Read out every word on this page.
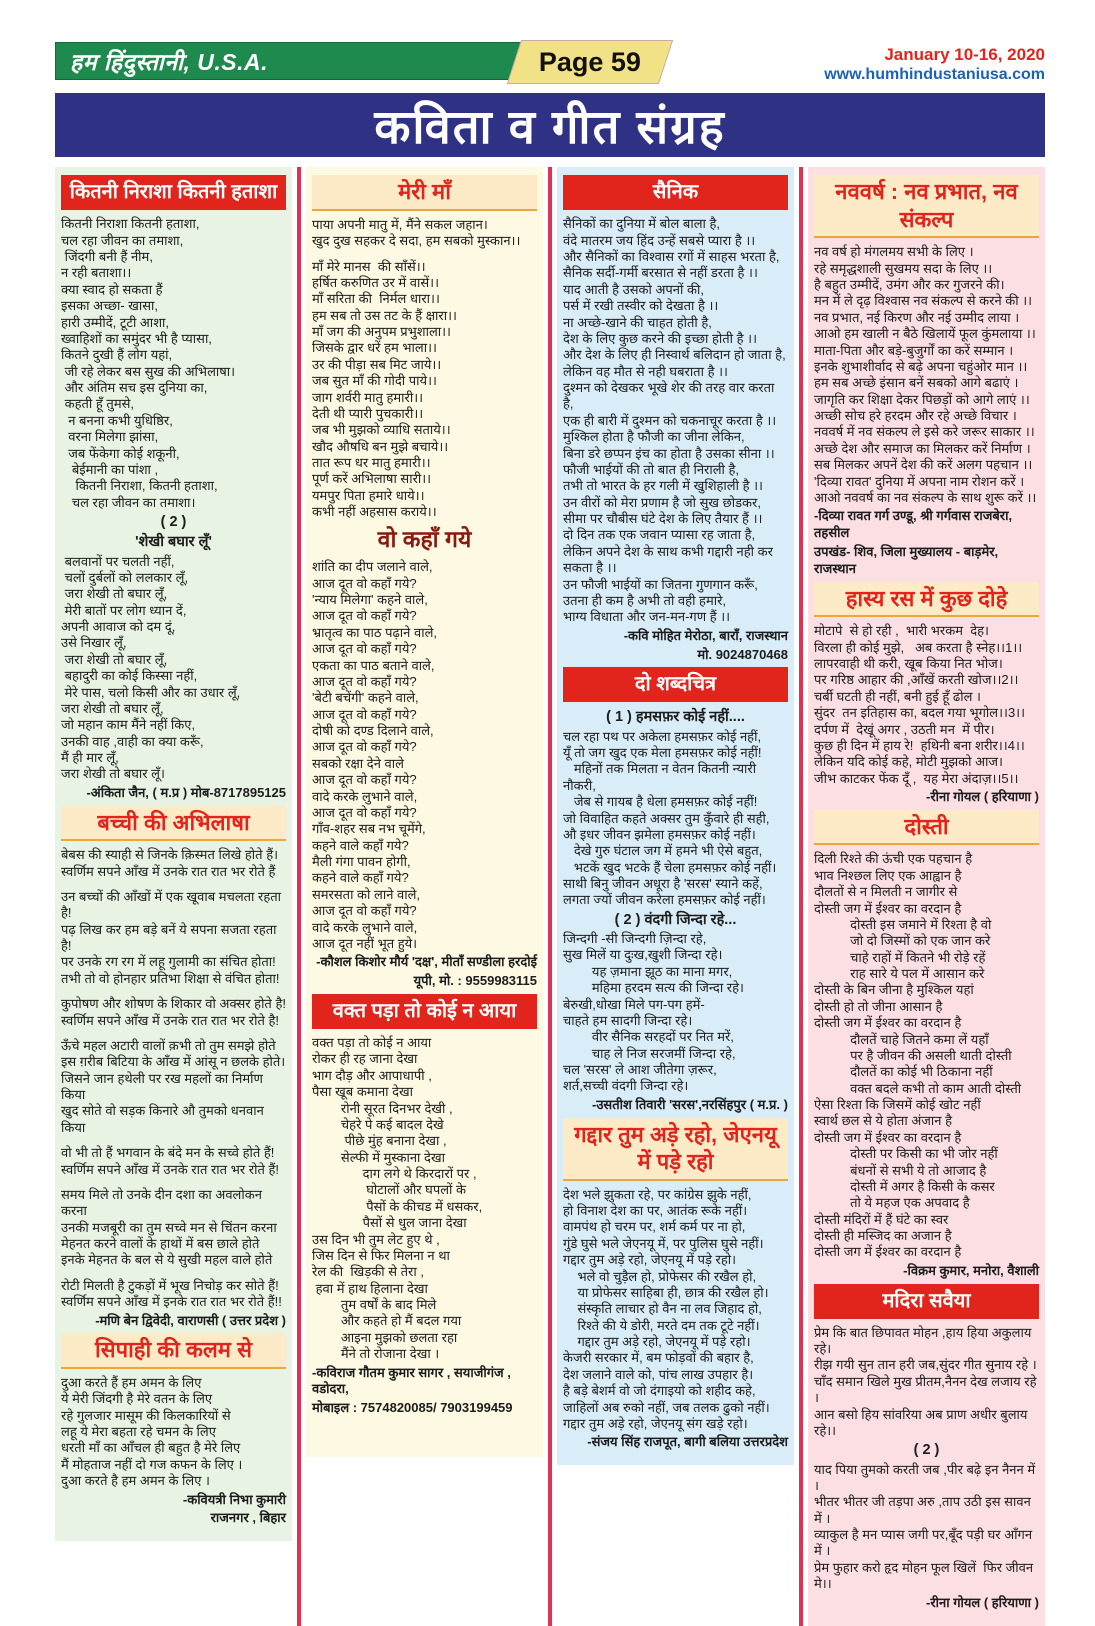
हम हिंदुस्तानी, U.S.A.	Page 59	January 10-16, 2020
www.humhindustaniusa.com
कविता व गीत संग्रह
कितनी निराशा कितनी हताशा
कितनी निराशा कितनी हताशा,
चल रहा जीवन का तमाशा,
जिंदगी बनी हैं नीम,
न रही बताशा।।
क्या स्वाद हो सकता हैं
इसका अच्छा- खासा,
हारी उम्मीदें, टूटी आशा,
ख्वाहिशों का समुंदर भी है प्यासा,
कितने दुखी हैं लोग यहां,
जी रहे लेकर बस सुख की अभिलाषा।
और अंतिम सच इस दुनिया का,
कहती हूँ तुमसे,
न बनना कभी युधिष्ठिर,
वरना मिलेगा झांसा,
जब फेंकेगा कोई शकूनी,
बेईमानी का पांशा ,
कितनी निराशा, कितनी हताशा,
चल रहा जीवन का तमाशा।
( 2 )
'शेखी बघार लूँ'
बलवानों पर चलती नहीं,
चलों दुर्बलों को ललकार लूँ,
जरा शेखी तो बघार लूँ,
मेरी बातों पर लोग ध्यान दें,
अपनी आवाज को दम दूं,
उसे निखार लूँ,
जरा शेखी तो बघार लूँ,
बहादुरी का कोई किस्सा नहीं,
मेरे पास, चलो किसी और का उधार लूँ,
जरा शेखी तो बघार लूँ,
जो महान काम मैंने नहीं किए,
उनकी वाह ,वाही का क्या करूँ,
मैं ही मार लूँ,
जरा शेखी तो बघार लूँ।
-अंकिता जैन, ( म.प्र ) मोब-8717895125
बच्ची की अभिलाषा
बेबस की स्याही से जिनके क़िस्मत लिखे होते हैं।
स्वर्णिम सपने आँख में उनके रात रात भर रोते हैं
उन बच्चों की आँखों में एक खूवाब मचलता रहता है!
पढ़ लिख कर हम बड़े बनें ये सपना सजता रहता है!
पर उनके रग रग में लहू गुलामी का संचित होता!
तभी तो वो होनहार प्रतिभा शिक्षा से वंचित होता!
कुपोषण और शोषण के शिकार वो अक्सर होते है!
स्वर्णिम सपने आँख में उनके रात रात भर रोते है!
ऊँचे महल अटारी वालों क़भी तो तुम समझे होते
इस ग़रीब बिटिया के आँख में आंसू न छलके होते।
जिसने जान हथेली पर रख महलों का निर्माण किया
खुद सोते वो सड़क किनारे औ तुमको धनवान किया
वो भी तो हैं भगवान के बंदे मन के सच्वे होते हैं!
स्वर्णिम सपने आँख में उनके रात रात भर रोते हैं!
समय मिले तो उनके दीन दशा का अवलोकन करना
उनकी मजबूरी का तुम सच्वे मन से चिंतन करना
मेहनत करने वालों के हाथों में बस छाले होते
इनके मेहनत के बल से ये सुखी महल वाले होते
रोटी मिलती है टुकड़ों में भूख निचोड़ कर सोते हैं!
स्वर्णिम सपने आँख में इनके रात रात भर रोते हैं!!
-मणि बेन द्विवेदी, वाराणसी ( उत्तर प्रदेश )
सिपाही की कलम से
दुआ करते हैं हम अमन के लिए
ये मेरी जिंदगी है मेरे वतन के लिए
रहे गुलजार मासूम की किलकारियों से
लहू ये मेरा बहता रहे चमन के लिए
धरती माँ का आँचल ही बहुत है मेरे लिए
मैं मोहताज नहीं दो गज कफन के लिए ।
दुआ करते है हम अमन के लिए ।
-कवियत्री निभा कुमारी
राजनगर , बिहार
मेरी माँ
पाया अपनी मातु में, मैंने सकल जहान।
खुद दुख सहकर दे सदा, हम सबको मुस्कान।।
माँ मेरे मानस  की साँसें।।
हर्षित करुणित उर में वासें।।
माँ सरिता की  निर्मल धारा।।
हम सब तो उस तट के हैं क्षारा।।
माँ जग की अनुपम प्रभुशाला।।
जिसके द्वार धरें हम भाला।।
उर की पीड़ा सब मिट जाये।।
जब सुत माँ की गोदी पाये।।
जाग शर्वरी मातु हमारी।।
देती थी प्यारी पुचकारी।।
जब भी मुझको व्याधि सताये।।
खौद औषधि बन मुझे बचाये।।
तात रूप धर मातु हमारी।।
पूर्ण करें अभिलाषा सारी।।
यमपुर पिता हमारे धाये।।
कभी नहीं अहसास कराये।।
वो कहाँ गये
शांति का दीप जलाने वाले,
आज दूत वो कहाँ गये?
'न्याय मिलेगा' कहने वाले,
आज दूत वो कहाँ गये?
भ्रातृत्व का पाठ पढ़ाने वाले,
आज दूत वो कहाँ गये?
एकता का पाठ बताने वाले,
आज दूत वो कहाँ गये?
'बेटी बचेंगी' कहने वाले,
आज दूत वो कहाँ गये?
दोषी को दण्ड दिलाने वाले,
आज दूत वो कहाँ गये?
सबको रक्षा देने वाले
आज दूत वो कहाँ गये?
वादे करके लुभाने वाले,
आज दूत वो कहाँ गये?
गाँव-शहर सब नभ चूमेंगे,
कहने वाले कहाँ गये?
मैली गंगा पावन होगी,
कहने वाले कहाँ गये?
समरसता को लाने वाले,
आज दूत वो कहाँ गये?
वादे करके लुभाने वाले,
आज दूत नहीं भूत हुये।
-कौशल किशोर मौर्य 'दक्ष', मीताँ सण्डीला हरदोई
यूपी, मो. : 9559983115
वक्त पड़ा तो कोई न आया
वक्त पड़ा तो कोई न आया
रोकर ही रह जाना देखा
भाग दौड़ और आपाधापी ,
पैसा खूब कमाना देखा
रोनी सूरत दिनभर देखी ,
चेहरे पे कई बादल देखे
पीछे मुंह बनाना देखा ,
सेल्फी में मुस्काना देखा
दाग लगे थे किरदारों पर ,
घोटालों और घपलों के
पैसों के कीचड में धसकर,
पैसों से धुल जाना देखा
उस दिन भी तुम लेट हुए थे ,
जिस दिन से फिर मिलना न था
रेल की  खिड़की से तेरा ,
हवा में हाथ हिलाना देखा
तुम वर्षों के बाद मिले
और कहते हो मैं बदल गया
आइना मुझको छलता रहा
मैंने तो रोजाना देखा ।
-कविराज गौतम कुमार सागर , सयाजीगंज , वडोदरा,
मोबाइल : 7574820085/ 7903199459
सैनिक
सैनिकों का दुनिया में बोल बाला है,
वंदे मातरम जय हिंद उन्हें सबसे प्यारा है ।।
और सैनिकों का विश्वास रगों में साहस भरता है,
सैनिक सर्दी-गर्मी बरसात से नहीं डरता है ।।
याद आती है उसको अपनों की,
पर्स में रखी तस्वीर को देखता है ।।
ना अच्छे-खाने की चाहत होती है,
देश के लिए कुछ करने की इच्छा होती है ।।
और देश के लिए ही निस्वार्थ बलिदान हो जाता है,
लेकिन वह मौत से नही घबराता है ।।
दुश्मन को देखकर भूखे शेर की तरह वार करता है,
एक ही बारी में दुश्मन को चकनाचूर करता है ।।
मुश्किल होता है फौजी का जीना लेकिन,
बिना डरे छप्पन इंच का होता है उसका सीना ।।
फौजी भाईयों की तो बात ही निराली है,
तभी तो भारत के हर गली में खुशिहाली है ।।
उन वीरों को मेरा प्रणाम है जो सुख छोडकर,
सीमा पर चौबीस घंटे देश के लिए तैयार हैं ।।
दो दिन तक एक जवान प्यासा रह जाता है,
लेकिन अपने देश के साथ कभी गद्दारी नही कर सकता है ।।
उन फौजी भाईयों का जितना गुणगान करूँ,
उतना ही कम है अभी तो वही हमारे,
भाग्य विधाता और जन-मन-गण हैं ।।
-कवि मोहित मेरोठा, बाराँ, राजस्थान
मो. 9024870468
दो शब्दचित्र
( 1 ) हमसफ़र कोई नहीं....
चल रहा पथ पर अकेला हमसफ़र कोई नहीं,
यूँ तो जग खुद एक मेला हमसफ़र कोई नहीं!
महिनों तक मिलता न वेतन कितनी न्यारी नौकरी,
जेब से गायब है धेला हमसफ़र कोई नहीं!
जो विवाहित कहते अक्सर तुम कुँवारे ही सही,
औ इधर जीवन झमेला हमसफ़र कोई नहीं।
देखे गुरु घंटाल जग में हमने भी ऐसे बहुत,
भटकें खुद भटके हैं चेला हमसफ़र कोई नहीं।
साथी बिनु जीवन अधूरा है 'सरस' स्याने कहें,
लगता ज्यों जीवन करेला हमसफ़र कोई नहीं।
( 2 ) वंदगी जिन्दा रहे...
जिन्दगी -सी जिन्दगी ज़िन्दा रहे,
सुख मिलें या दुःख,खुशी जिन्दा रहे।
यह ज़माना झूठ का माना मगर,
महिमा हरदम सत्य की जिन्दा रहे।
बेरुखी,धोखा मिले पग-पग हमें-
चाहते हम सादगी जिन्दा रहे।
वीर सैनिक सरहदों पर नित मरें,
चाह ले निज सरजमीं जिन्दा रहे,
चल 'सरस' ले आश जीतेगा ज़रूर,
शर्त,सच्ची वंदगी जिन्दा रहे।
-उसतीश तिवारी 'सरस',नरसिंहपुर ( म.प्र. )
गद्दार तुम अड़े रहो, जेएनयू में पड़े रहो
देश भले झुकता रहे, पर कांग्रेस झुके नहीं,
हो विनाश देश का पर, आतंक रूके नहीं।
वामपंथ हो चरम पर, शर्म कर्म पर ना हो,
गुंडे घुसे भले जेएनयू में, पर पुलिस घुसे नहीं।
गद्दार तुम अड़े रहो, जेएनयू में पड़े रहो।
भले वो चुड़ैल हो, प्रोफेसर की रखैल हो,
या प्रोफेसर साहिबा ही, छात्र की रखैल हो।
संस्कृति लाचार हो वैन ना लव जिहाद हो,
रिश्ते की ये डोरी, मरते दम तक टूटे नहीं।
गद्दार तुम अड़े रहो, जेएनयू में पड़े रहो।
केजरी सरकार में, बम फोड़वों की बहार है,
देश जलाने वाले को, पांच लाख उपहार है।
है बड़े बेशर्म वो जो दंगाइयो को शहीद कहे,
जाहिलों अब रुको नहीं, जब तलक ढुको नहीं।
गद्दार तुम अड़े रहो, जेएनयू संग खड़े रहो।
-संजय सिंह राजपूत, बागी बलिया उत्तरप्रदेश
नववर्ष : नव प्रभात, नव संकल्प
नव वर्ष हो मंगलमय सभी के लिए ।
रहे समृद्धशाली सुखमय सदा के लिए ।।
है बहुत उम्मीदें, उमंग और कर गुजरने की।
मन में ले दृढ़ विश्वास नव संकल्प से करने की ।।
नव प्रभात, नई किरण और नई उम्मीद लाया ।
आओ हम खाली न बैठे खिलायें फूल कुंमलाया ।।
माता-पिता और बड़े-बुजुर्गों का करें सम्मान ।
इनके शुभाशीर्वाद से बढ़े अपना चहुंओर मान ।।
हम सब अच्छे इंसान बनें सबको आगे बढाएं ।
जागृति कर शिक्षा देकर पिछड़ों को आगे लाएं ।।
अच्छी सोच हरे हरदम और रहे अच्छे विचार ।
नववर्ष में नव संकल्प ले इसे करे जरूर साकार ।।
अच्छे देश और समाज का मिलकर करें निर्माण ।
सब मिलकर अपनें देश की करें अलग पहचान ।।
'दिव्या रावत' दुनिया में अपना नाम रोशन करें ।
आओ नववर्ष का नव संकल्प के साथ शुरू करें ।।
-दिव्या रावत गर्ग उण्डू, श्री गर्गवास राजबेरा, तहसील
उपखंड- शिव, जिला मुख्यालय - बाड़मेर, राजस्थान
हास्य रस में कुछ दोहे
मोटापे  से हो रही ,  भारी भरकम  देह।
विरला ही कोई मुझे,   अब करता है स्नेह।।1।।
लापरवाही थी करी, खूब किया नित भोज।
पर गरिष्ठ आहार की ,आँखें करती खोज।।2।।
चर्बी घटती ही नहीं, बनी हुई हूँ ढोल ।
सुंदर  तन इतिहास का, बदल गया भूगोल।।3।।
दर्पण में  देखूं अगर , उठती मन  में पीर।
कुछ ही दिन में हाय रे!  हथिनी बना शरीर।।4।।
लेकिन यदि कोई कहे, मोटी मुझको आज।
जीभ काटकर फेंक दूँ ,  यह मेरा अंदाज़।।5।।
-रीना गोयल ( हरियाणा )
दोस्ती
दिली रिश्ते की ऊंची एक पहचान है
भाव निश्छल लिए एक आह्वान है
दौलतों से न मिलती न जागीर से
दोस्ती जग में ईश्वर का वरदान है
दोस्ती इस जमाने में रिश्ता है वो
जो दो जिस्मों को एक जान करे
चाहे राहों में कितने भी रोड़े रहें
राह सारे ये पल में आसान करे
दोस्ती के बिन जीना है मुश्किल यहां
दोस्ती हो तो जीना आसान है
दोस्ती जग में ईश्वर का वरदान है
दौलतें चाहे जितने कमा लें यहाँ
पर है जीवन की असली थाती दोस्ती
दौलतें का कोई भी ठिकाना नहीं
वक्त बदले कभी तो काम आती दोस्ती
ऐसा रिश्ता कि जिसमें कोई खोट नहीं
स्वार्थ छल से ये होता अंजान है
दोस्ती जग में ईश्वर का वरदान है
दोस्ती पर किसी का भी जोर नहीं
बंधनों से सभी ये तो आजाद है
दोस्ती में अगर है किसी के कसर
तो ये महज एक अपवाद है
दोस्ती मंदिरों में हैं घंटे का स्वर
दोस्ती ही मस्जिद का अजान है
दोस्ती जग में ईश्वर का वरदान है
-विक्रम कुमार, मनोरा, वैशाली
मदिरा सवैया
प्रेम कि बात छिपावत मोहन ,हाय हिया अकुलाय रहे।
रीझ गयी सुन तान हरी जब,सुंदर गीत सुनाय रहे ।
चाँद समान खिले मुख प्रीतम,नैनन देख लजाय रहे ।
आन बसो हिय सांवरिया अब प्राण अधीर बुलाय रहे।।
( 2 )
याद पिया तुमको करती जब ,पीर बढ़े इन नैनन में ।
भीतर भीतर जी तड़पा अरु ,ताप उठी इस सावन में ।
व्याकुल है मन प्यास जगी पर,बूँद पड़ी घर आँगन में ।
प्रेम फुहार करो हृद मोहन फूल खिलें  फिर जीवन मे।।
-रीना गोयल ( हरियाणा )
